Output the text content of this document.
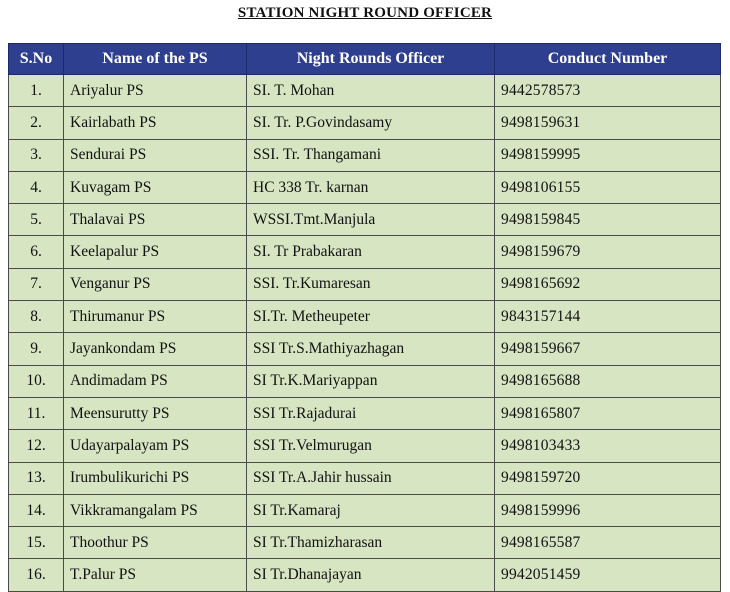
STATION NIGHT ROUND OFFICER
S.No	Name of the PS	Night Rounds Officer	Conduct Number
1.	Ariyalur PS	SI. T. Mohan	9442578573
2.	Kairlabath PS	SI. Tr. P.Govindasamy	9498159631
3.	Sendurai PS	SSI. Tr. Thangamani	9498159995
4.	Kuvagam PS	HC 338 Tr. karnan	9498106155
5.	Thalavai PS	WSSI.Tmt.Manjula	9498159845
6.	Keelapalur PS	SI. Tr Prabakaran	9498159679
7.	Venganur PS	SSI. Tr.Kumaresan	9498165692
8.	Thirumanur PS	SI.Tr. Metheupeter	9843157144
9.	Jayankondam PS	SSI Tr.S.Mathiyazhagan	9498159667
10.	Andimadam PS	SI Tr.K.Mariyappan	9498165688
11.	Meensurutty PS	SSI Tr.Rajadurai	9498165807
12.	Udayarpalayam PS	SSI Tr.Velmurugan	9498103433
13.	Irumbulikurichi PS	SSI Tr.A.Jahir hussain	9498159720
14.	Vikkramangalam PS	SI Tr.Kamaraj	9498159996
15.	Thoothur PS	SI Tr.Thamizharasan	9498165587
16.	T.Palur PS	SI Tr.Dhanajayan	9942051459
